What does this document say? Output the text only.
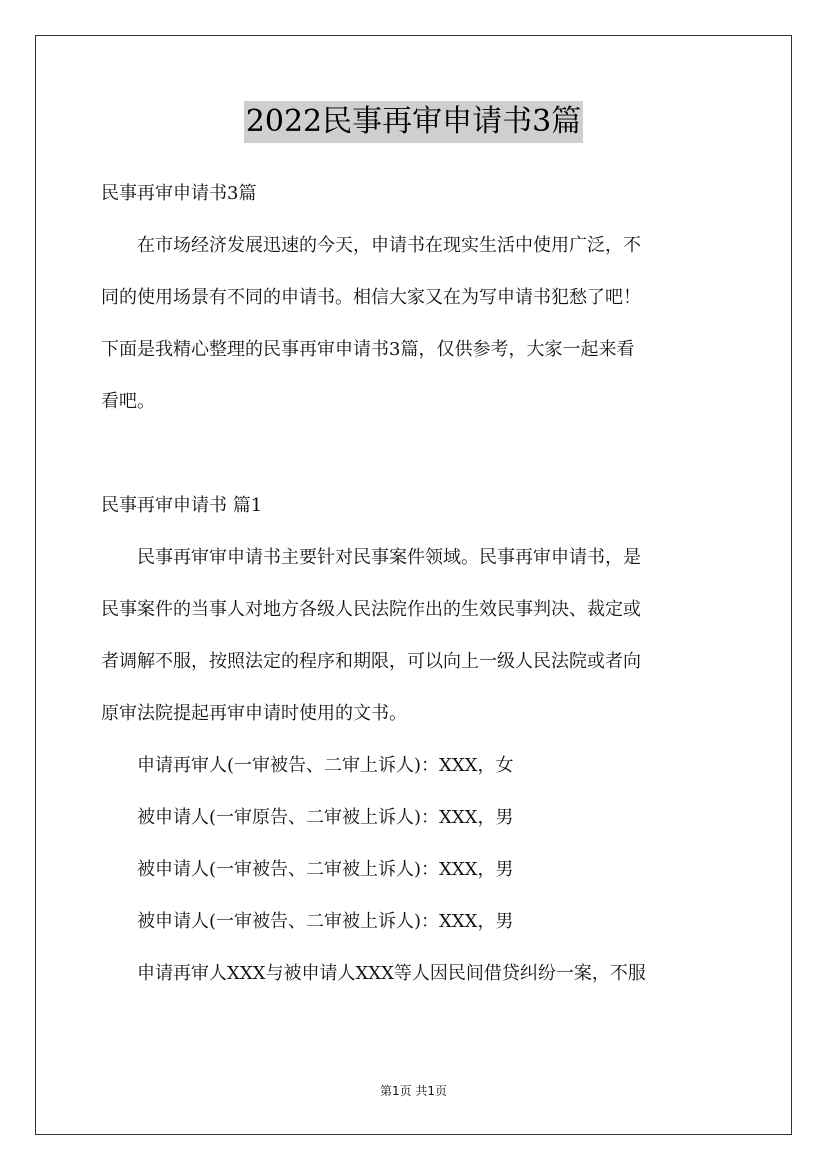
2022民事再审申请书3篇

民事再审申请书3篇

在市场经济发展迅速的今天，申请书在现实生活中使用广泛，不

同的使用场景有不同的申请书。相信大家又在为写申请书犯愁了吧！

下面是我精心整理的民事再审申请书3篇，仅供参考，大家一起来看

看吧。

民事再审申请书 篇1

民事再审审申请书主要针对民事案件领域。民事再审申请书，是

民事案件的当事人对地方各级人民法院作出的生效民事判决、裁定或

者调解不服，按照法定的程序和期限，可以向上一级人民法院或者向

原审法院提起再审申请时使用的文书。

申请再审人(一审被告、二审上诉人)：XXX，女

被申请人(一审原告、二审被上诉人)：XXX，男

被申请人(一审被告、二审被上诉人)：XXX，男

被申请人(一审被告、二审被上诉人)：XXX，男

申请再审人XXX与被申请人XXX等人因民间借贷纠纷一案，不服

第1页 共1页
